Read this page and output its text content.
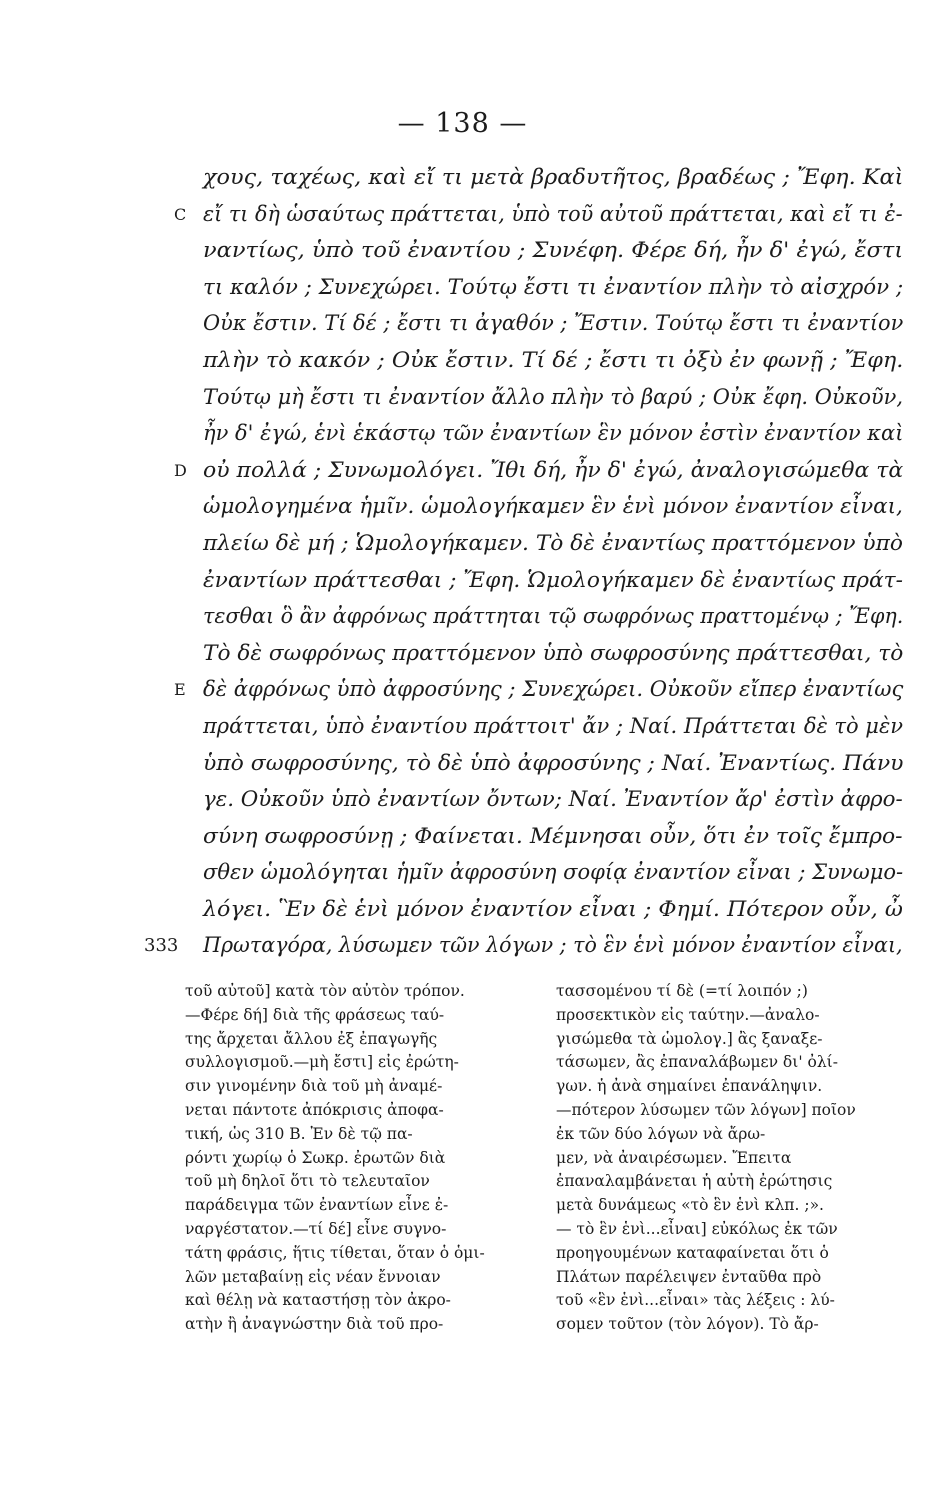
— 138 —
χους, ταχέως, καὶ εἴ τι μετὰ βραδυτῆτος, βραδέως ; Ἔφη. Καὶ
C εἴ τι δὴ ὡσαύτως πράττεται, ὑπὸ τοῦ αὐτοῦ πράττεται, καὶ εἴ τι ἐ-
ναντίως, ὑπὸ τοῦ ἐναντίου ; Συνέφη. Φέρε δή, ἦν δ' ἐγώ, ἔστι
τι καλόν ; Συνεχώρει. Τούτῳ ἔστι τι ἐναντίον πλὴν τὸ αἰσχρόν ;
Οὐκ ἔστιν. Τί δέ ; ἔστι τι ἀγαθόν ; Ἔστιν. Τούτῳ ἔστι τι ἐναντίον
πλὴν τὸ κακόν ; Οὐκ ἔστιν. Τί δέ ; ἔστι τι ὀξὺ ἐν φωνῇ ; Ἔφη.
Τούτῳ μὴ ἔστι τι ἐναντίον ἄλλο πλὴν τὸ βαρύ ; Οὐκ ἔφη. Οὐκοῦν,
ἦν δ' ἐγώ, ἑνὶ ἑκάστῳ τῶν ἐναντίων ἓν μόνον ἐστὶν ἐναντίον καὶ
D οὐ πολλά ; Συνωμολόγει. Ἴθι δή, ἦν δ' ἐγώ, ἀναλογισώμεθα τὰ
ὡμολογημένα ἡμῖν. ὡμολογήκαμεν ἓν ἑνὶ μόνον ἐναντίον εἶναι,
πλείω δὲ μή ; Ὡμολογήκαμεν. Τὸ δὲ ἐναντίως πραττόμενον ὑπὸ
ἐναντίων πράττεσθαι ; Ἔφη. Ὡμολογήκαμεν δὲ ἐναντίως πράτ-
τεσθαι ὃ ἂν ἀφρόνως πράττηται τῷ σωφρόνως πραττομένῳ ; Ἔφη.
Τὸ δὲ σωφρόνως πραττόμενον ὑπὸ σωφροσύνης πράττεσθαι, τὸ
E δὲ ἀφρόνως ὑπὸ ἀφροσύνης ; Συνεχώρει. Οὐκοῦν εἴπερ ἐναντίως
πράττεται, ὑπὸ ἐναντίου πράττοιτ' ἄν ; Ναί. Πράττεται δὲ τὸ μὲν
ὑπὸ σωφροσύνης, τὸ δὲ ὑπὸ ἀφροσύνης ; Ναί. Ἐναντίως. Πάνυ
γε. Οὐκοῦν ὑπὸ ἐναντίων ὄντων; Ναί. Ἐναντίον ἄρ' ἐστὶν ἀφρο-
σύνη σωφροσύνῃ ; Φαίνεται. Μέμνησαι οὖν, ὅτι ἐν τοῖς ἔμπρο-
σθεν ὡμολόγηται ἡμῖν ἀφροσύνη σοφίᾳ ἐναντίον εἶναι ; Συνωμο-
λόγει. Ἓν δὲ ἑνὶ μόνον ἐναντίον εἶναι ; Φημί. Πότερον οὖν, ὦ
333 Πρωταγόρα, λύσωμεν τῶν λόγων ; τὸ ἓν ἑνὶ μόνον ἐναντίον εἶναι,
τοῦ αὐτοῦ] κατὰ τὸν αὐτὸν τρόπον.
—Φέρε δή] διὰ τῆς φράσεως ταύ-
της ἄρχεται ἄλλου ἐξ ἐπαγωγῆς
συλλογισμοῦ.—μὴ ἔστι] εἰς ἐρώτη-
σιν γινομένην διὰ τοῦ μὴ ἀναμέ-
νεται πάντοτε ἀπόκρισις ἀποφα-
τική, ὡς 310 B. Ἐν δὲ τῷ πα-
ρόντι χωρίῳ ὁ Σωκρ. ἐρωτῶν διὰ
τοῦ μὴ δηλοῖ ὅτι τὸ τελευταῖον
παράδειγμα τῶν ἐναντίων εἶνε ἐ-
ναργέστατον.—τί δέ] εἶνε συγνο-
τάτη φράσις, ἥτις τίθεται, ὅταν ὁ ὁμι-
λῶν μεταβαίνῃ εἰς νέαν ἔννοιαν
καὶ θέλῃ νὰ καταστήσῃ τὸν ἀκρο-
ατὴν ἢ ἀναγνώστην διὰ τοῦ προ-
τασσομένου τί δὲ (=τί λοιπόν ;)
προσεκτικὸν εἰς ταύτην.—ἀναλο-
γισώμεθα τὰ ὡμολογ.] ἂς ξαναξε-
τάσωμεν, ἂς ἐπαναλάβωμεν δι' ὀλί-
γων. ἡ ἀνὰ σημαίνει ἐπανάληψιν.
—πότερον λύσωμεν τῶν λόγων] ποῖον
ἐκ τῶν δύο λόγων νὰ ἄρω-
μεν, νὰ ἀναιρέσωμεν. Ἔπειτα
ἐπαναλαμβάνεται ἡ αὐτὴ ἐρώτησις
μετὰ δυνάμεως «τὸ ἓν ἑνὶ κλπ. ;».
— τὸ ἓν ἑνὶ...εἶναι] εὐκόλως ἐκ τῶν
προηγουμένων καταφαίνεται ὅτι ὁ
Πλάτων παρέλειψεν ἐνταῦθα πρὸ
τοῦ «ἓν ἑνὶ...εἶναι» τὰς λέξεις : λύ-
σομεν τοῦτον (τὸν λόγον). Τὸ ἄρ-
